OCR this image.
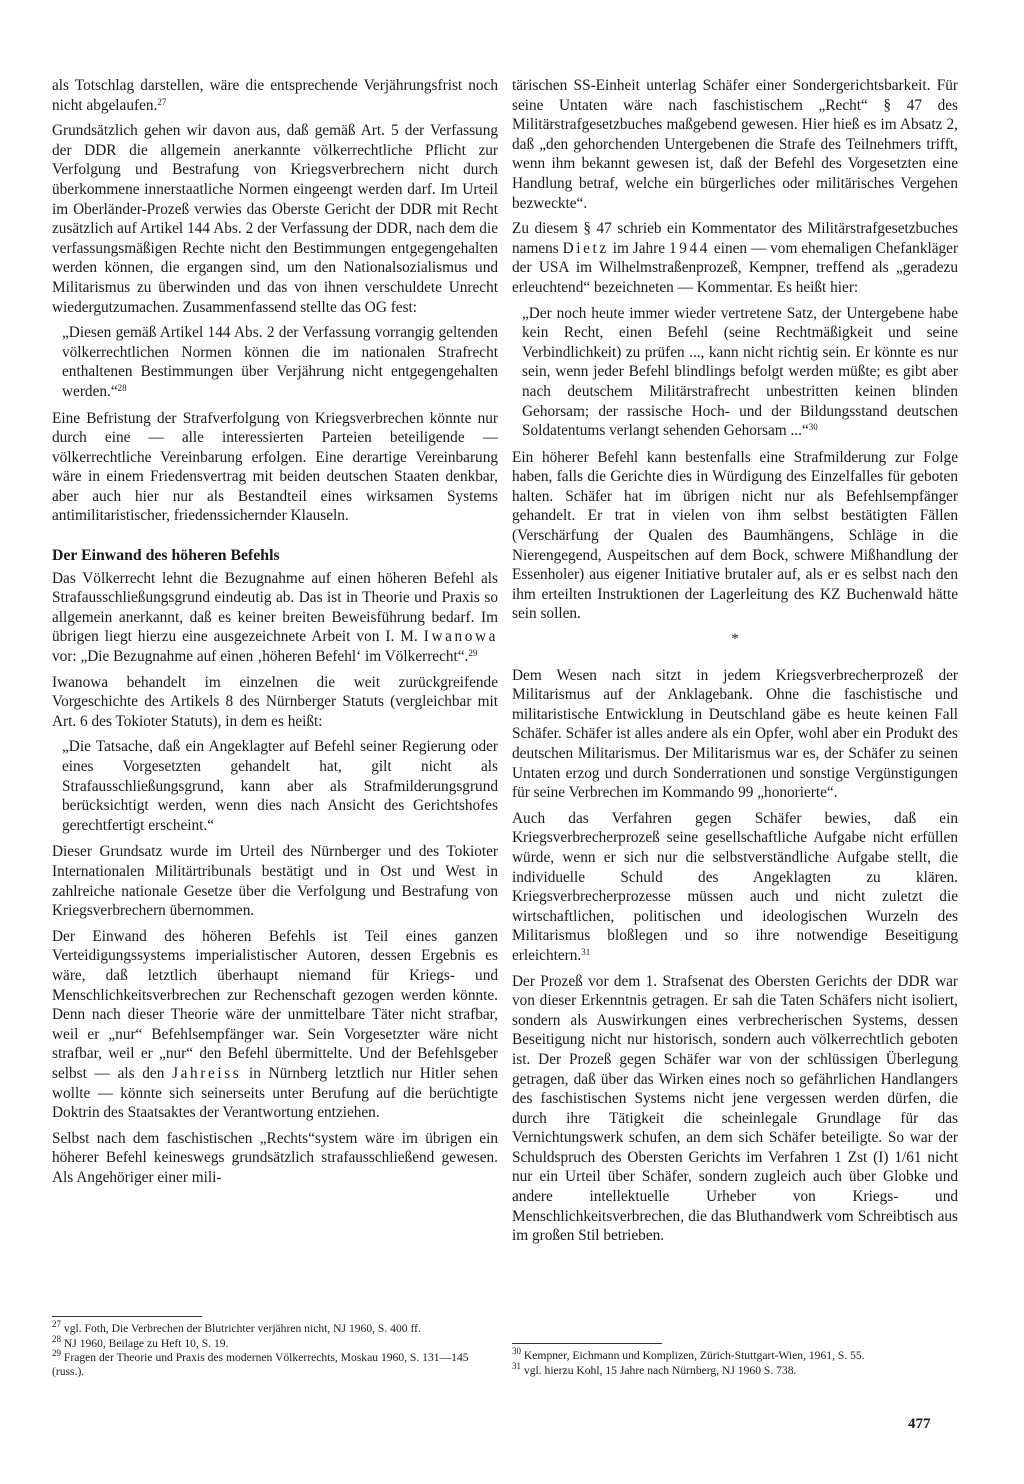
als Totschlag darstellen, wäre die entsprechende Verjährungsfrist noch nicht abgelaufen.$^{27}$

Grundsätzlich gehen wir davon aus, daß gemäß Art. 5 der Verfassung der DDR die allgemein anerkannte völkerrechtliche Pflicht zur Verfolgung und Bestrafung von Kriegsverbrechern nicht durch überkommene innerstaatliche Normen eingeengt werden darf. Im Urteil im Oberländer-Prozeß verwies das Oberste Gericht der DDR mit Recht zusätzlich auf Artikel 144 Abs. 2 der Verfassung der DDR, nach dem die verfassungsmäßigen Rechte nicht den Bestimmungen entgegengehalten werden können, die ergangen sind, um den Nationalsozialismus und Militarismus zu überwinden und das von ihnen verschuldete Unrecht wiedergutzumachen. Zusammenfassend stellte das OG fest:

„Diesen gemäß Artikel 144 Abs. 2 der Verfassung vorrangig geltenden völkerrechtlichen Normen können die im nationalen Strafrecht enthaltenen Bestimmungen über Verjährung nicht entgegengehalten werden.“$^{28}$

Eine Befristung der Strafverfolgung von Kriegsverbrechen könnte nur durch eine — alle interessierten Parteien beteiligende — völkerrechtliche Vereinbarung erfolgen. Eine derartige Vereinbarung wäre in einem Friedensvertrag mit beiden deutschen Staaten denkbar, aber auch hier nur als Bestandteil eines wirksamen Systems antimilitaristischer, friedenssichernder Klauseln.

Der Einwand des höheren Befehls

Das Völkerrecht lehnt die Bezugnahme auf einen höheren Befehl als Strafausschließungsgrund eindeutig ab. Das ist in Theorie und Praxis so allgemein anerkannt, daß es keiner breiten Beweisführung bedarf. Im übrigen liegt hierzu eine ausgezeichnete Arbeit von I. M. Iwanowa vor: „Die Bezugnahme auf einen ‚höheren Befehl‘ im Völkerrecht“.$^{29}$

Iwanowa behandelt im einzelnen die weit zurückgreifende Vorgeschichte des Artikels 8 des Nürnberger Statuts (vergleichbar mit Art. 6 des Tokioter Statuts), in dem es heißt:

„Die Tatsache, daß ein Angeklagter auf Befehl seiner Regierung oder eines Vorgesetzten gehandelt hat, gilt nicht als Strafausschließungsgrund, kann aber als Strafmilderungsgrund berücksichtigt werden, wenn dies nach Ansicht des Gerichtshofes gerechtfertigt erscheint.“

Dieser Grundsatz wurde im Urteil des Nürnberger und des Tokioter Internationalen Militärtribunals bestätigt und in Ost und West in zahlreiche nationale Gesetze über die Verfolgung und Bestrafung von Kriegsverbrechern übernommen.

Der Einwand des höheren Befehls ist Teil eines ganzen Verteidigungssystems imperialistischer Autoren, dessen Ergebnis es wäre, daß letztlich überhaupt niemand für Kriegs- und Menschlichkeitsverbrechen zur Rechenschaft gezogen werden könnte. Denn nach dieser Theorie wäre der unmittelbare Täter nicht strafbar, weil er „nur“ Befehlsempfänger war. Sein Vorgesetzter wäre nicht strafbar, weil er „nur“ den Befehl übermittelte. Und der Befehlsgeber selbst — als den Jahreiss in Nürnberg letztlich nur Hitler sehen wollte — könnte sich seinerseits unter Berufung auf die berüchtigte Doktrin des Staatsaktes der Verantwortung entziehen.

Selbst nach dem faschistischen „Rechts“system wäre im übrigen ein höherer Befehl keineswegs grundsätzlich strafausschließend gewesen. Als Angehöriger einer mili-

tärischen SS-Einheit unterlag Schäfer einer Sondergerichtsbarkeit. Für seine Untaten wäre nach faschistischem „Recht“ § 47 des Militärstrafgesetzbuches maßgebend gewesen. Hier hieß es im Absatz 2, daß „den gehorchenden Untergebenen die Strafe des Teilnehmers trifft, wenn ihm bekannt gewesen ist, daß der Befehl des Vorgesetzten eine Handlung betraf, welche ein bürgerliches oder militärisches Vergehen bezweckte“.

Zu diesem § 47 schrieb ein Kommentator des Militärstrafgesetzbuches namens Dietz im Jahre 1944 einen — vom ehemaligen Chefankläger der USA im Wilhelmstraßenprozeß, Kempner, treffend als „geradezu erleuchtend“ bezeichneten — Kommentar. Es heißt hier:

„Der noch heute immer wieder vertretene Satz, der Untergebene habe kein Recht, einen Befehl (seine Rechtmäßigkeit und seine Verbindlichkeit) zu prüfen ..., kann nicht richtig sein. Er könnte es nur sein, wenn jeder Befehl blindlings befolgt werden müßte; es gibt aber nach deutschem Militärstrafrecht unbestritten keinen blinden Gehorsam; der rassische Hoch- und der Bildungsstand deutschen Soldatentums verlangt sehenden Gehorsam ...“$^{30}$

Ein höherer Befehl kann bestenfalls eine Strafmilderung zur Folge haben, falls die Gerichte dies in Würdigung des Einzelfalles für geboten halten. Schäfer hat im übrigen nicht nur als Befehlsempfänger gehandelt. Er trat in vielen von ihm selbst bestätigten Fällen (Verschärfung der Qualen des Baumhängens, Schläge in die Nierengegend, Auspeitschen auf dem Bock, schwere Mißhandlung der Essenholer) aus eigener Initiative brutaler auf, als er es selbst nach den ihm erteilten Instruktionen der Lagerleitung des KZ Buchenwald hätte sein sollen.

*

Dem Wesen nach sitzt in jedem Kriegsverbrecherprozeß der Militarismus auf der Anklagebank. Ohne die faschistische und militaristische Entwicklung in Deutschland gäbe es heute keinen Fall Schäfer. Schäfer ist alles andere als ein Opfer, wohl aber ein Produkt des deutschen Militarismus. Der Militarismus war es, der Schäfer zu seinen Untaten erzog und durch Sonderrationen und sonstige Vergünstigungen für seine Verbrechen im Kommando 99 „honorierte“.

Auch das Verfahren gegen Schäfer bewies, daß ein Kriegsverbrecherprozeß seine gesellschaftliche Aufgabe nicht erfüllen würde, wenn er sich nur die selbstverständliche Aufgabe stellt, die individuelle Schuld des Angeklagten zu klären. Kriegsverbrecherprozesse müssen auch und nicht zuletzt die wirtschaftlichen, politischen und ideologischen Wurzeln des Militarismus bloßlegen und so ihre notwendige Beseitigung erleichtern.$^{31}$

Der Prozeß vor dem 1. Strafsenat des Obersten Gerichts der DDR war von dieser Erkenntnis getragen. Er sah die Taten Schäfers nicht isoliert, sondern als Auswirkungen eines verbrecherischen Systems, dessen Beseitigung nicht nur historisch, sondern auch völkerrechtlich geboten ist. Der Prozeß gegen Schäfer war von der schlüssigen Überlegung getragen, daß über das Wirken eines noch so gefährlichen Handlangers des faschistischen Systems nicht jene vergessen werden dürfen, die durch ihre Tätigkeit die scheinlegale Grundlage für das Vernichtungswerk schufen, an dem sich Schäfer beteiligte. So war der Schuldspruch des Obersten Gerichts im Verfahren 1 Zst (I) 1/61 nicht nur ein Urteil über Schäfer, sondern zugleich auch über Globke und andere intellektuelle Urheber von Kriegs- und Menschlichkeitsverbrechen, die das Bluthandwerk vom Schreibtisch aus im großen Stil betrieben.

$^{27}$ vgl. Foth, Die Verbrechen der Blutrichter verjähren nicht, NJ 1960, S. 400 ff.
$^{28}$ NJ 1960, Beilage zu Heft 10, S. 19.
$^{29}$ Fragen der Theorie und Praxis des modernen Völkerrechts, Moskau 1960, S. 131—145 (russ.).
$^{30}$ Kempner, Eichmann und Komplizen, Zürich-Stuttgart-Wien, 1961, S. 55.
$^{31}$ vgl. hierzu Kohl, 15 Jahre nach Nürnberg, NJ 1960 S. 738.
477
